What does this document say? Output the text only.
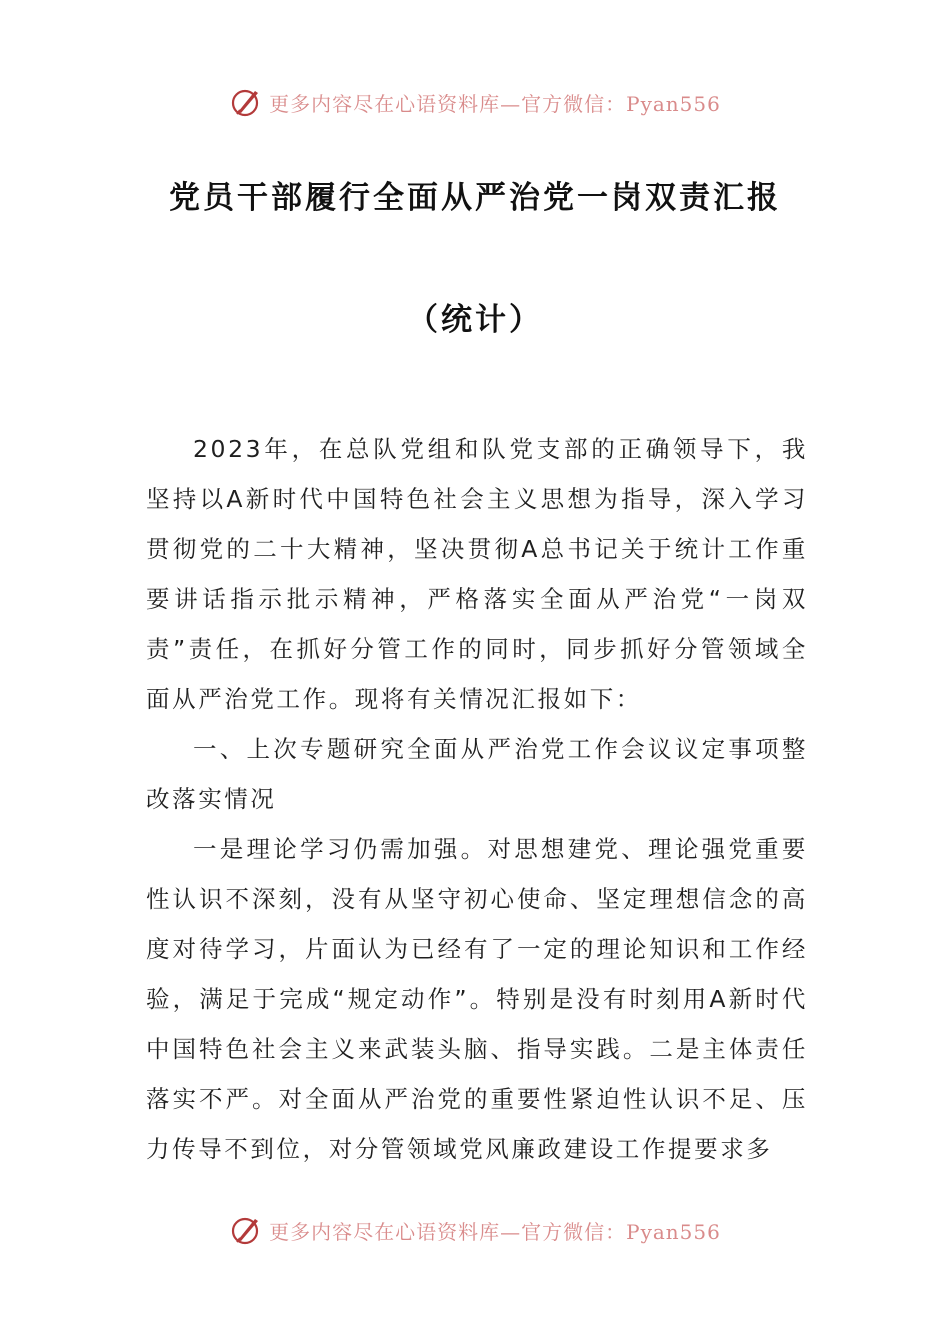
更多内容尽在心语资料库—官方微信：Pyan556
党员干部履行全面从严治党一岗双责汇报
（统计）

2023年，在总队党组和队党支部的正确领导下，我坚持以A新时代中国特色社会主义思想为指导，深入学习贯彻党的二十大精神，坚决贯彻A总书记关于统计工作重要讲话指示批示精神，严格落实全面从严治党“一岗双责”责任，在抓好分管工作的同时，同步抓好分管领域全面从严治党工作。现将有关情况汇报如下：

一、上次专题研究全面从严治党工作会议议定事项整改落实情况

一是理论学习仍需加强。对思想建党、理论强党重要性认识不深刻，没有从坚守初心使命、坚定理想信念的高度对待学习，片面认为已经有了一定的理论知识和工作经验，满足于完成“规定动作”。特别是没有时刻用A新时代中国特色社会主义来武装头脑、指导实践。二是主体责任落实不严。对全面从严治党的重要性紧迫性认识不足、压力传导不到位，对分管领域党风廉政建设工作提要求多

更多内容尽在心语资料库—官方微信：Pyan556
